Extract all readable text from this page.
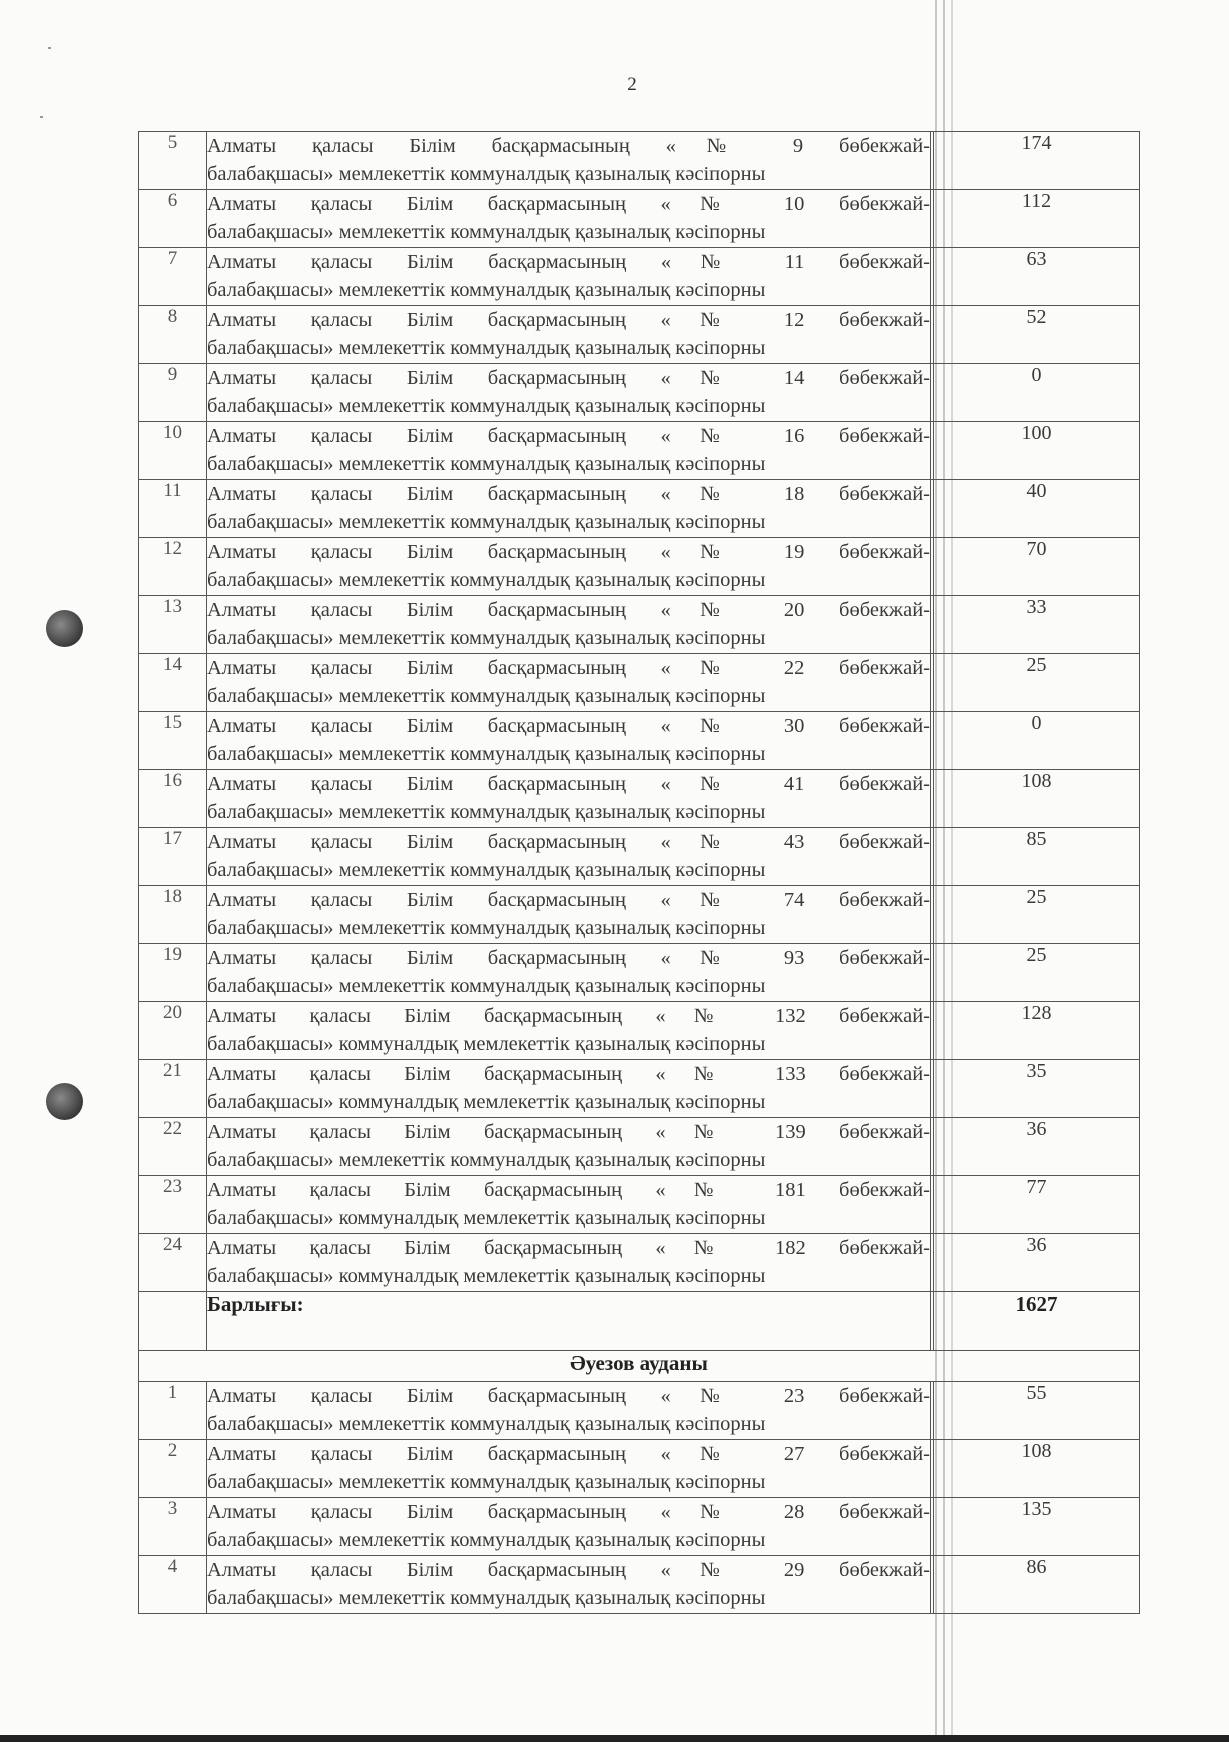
2
5	Алматы қаласы Білім басқармасының «№ 9 бөбекжай-
балабақшасы» мемлекеттік коммуналдық қазыналық кәсіпорны		174
6	Алматы қаласы Білім басқармасының «№ 10 бөбекжай-
балабақшасы» мемлекеттік коммуналдық қазыналық кәсіпорны		112
7	Алматы қаласы Білім басқармасының «№ 11 бөбекжай-
балабақшасы» мемлекеттік коммуналдық қазыналық кәсіпорны		63
8	Алматы қаласы Білім басқармасының «№ 12 бөбекжай-
балабақшасы» мемлекеттік коммуналдық қазыналық кәсіпорны		52
9	Алматы қаласы Білім басқармасының «№ 14 бөбекжай-
балабақшасы» мемлекеттік коммуналдық қазыналық кәсіпорны		0
10	Алматы қаласы Білім басқармасының «№ 16 бөбекжай-
балабақшасы» мемлекеттік коммуналдық қазыналық кәсіпорны		100
11	Алматы қаласы Білім басқармасының «№ 18 бөбекжай-
балабақшасы» мемлекеттік коммуналдық қазыналық кәсіпорны		40
12	Алматы қаласы Білім басқармасының «№ 19 бөбекжай-
балабақшасы» мемлекеттік коммуналдық қазыналық кәсіпорны		70
13	Алматы қаласы Білім басқармасының «№ 20 бөбекжай-
балабақшасы» мемлекеттік коммуналдық қазыналық кәсіпорны		33
14	Алматы қаласы Білім басқармасының «№ 22 бөбекжай-
балабақшасы» мемлекеттік коммуналдық қазыналық кәсіпорны		25
15	Алматы қаласы Білім басқармасының «№ 30 бөбекжай-
балабақшасы» мемлекеттік коммуналдық қазыналық кәсіпорны		0
16	Алматы қаласы Білім басқармасының «№ 41 бөбекжай-
балабақшасы» мемлекеттік коммуналдық қазыналық кәсіпорны		108
17	Алматы қаласы Білім басқармасының «№ 43 бөбекжай-
балабақшасы» мемлекеттік коммуналдық қазыналық кәсіпорны		85
18	Алматы қаласы Білім басқармасының «№ 74 бөбекжай-
балабақшасы» мемлекеттік коммуналдық қазыналық кәсіпорны		25
19	Алматы қаласы Білім басқармасының «№ 93 бөбекжай-
балабақшасы» мемлекеттік коммуналдық қазыналық кәсіпорны		25
20	Алматы қаласы Білім басқармасының «№ 132 бөбекжай-
балабақшасы» коммуналдық мемлекеттік қазыналық кәсіпорны		128
21	Алматы қаласы Білім басқармасының «№ 133 бөбекжай-
балабақшасы» коммуналдық мемлекеттік қазыналық кәсіпорны		35
22	Алматы қаласы Білім басқармасының «№ 139 бөбекжай-
балабақшасы» мемлекеттік коммуналдық қазыналық кәсіпорны		36
23	Алматы қаласы Білім басқармасының «№ 181 бөбекжай-
балабақшасы» коммуналдық мемлекеттік қазыналық кәсіпорны		77
24	Алматы қаласы Білім басқармасының «№ 182 бөбекжай-
балабақшасы» коммуналдық мемлекеттік қазыналық кәсіпорны		36
	Барлығы:		1627
Әуезов ауданы			
1	Алматы қаласы Білім басқармасының «№ 23 бөбекжай-
балабақшасы» мемлекеттік коммуналдық қазыналық кәсіпорны		55
2	Алматы қаласы Білім басқармасының «№ 27 бөбекжай-
балабақшасы» мемлекеттік коммуналдық қазыналық кәсіпорны		108
3	Алматы қаласы Білім басқармасының «№ 28 бөбекжай-
балабақшасы» мемлекеттік коммуналдық қазыналық кәсіпорны		135
4	Алматы қаласы Білім басқармасының «№ 29 бөбекжай-
балабақшасы» мемлекеттік коммуналдық қазыналық кәсіпорны		86
